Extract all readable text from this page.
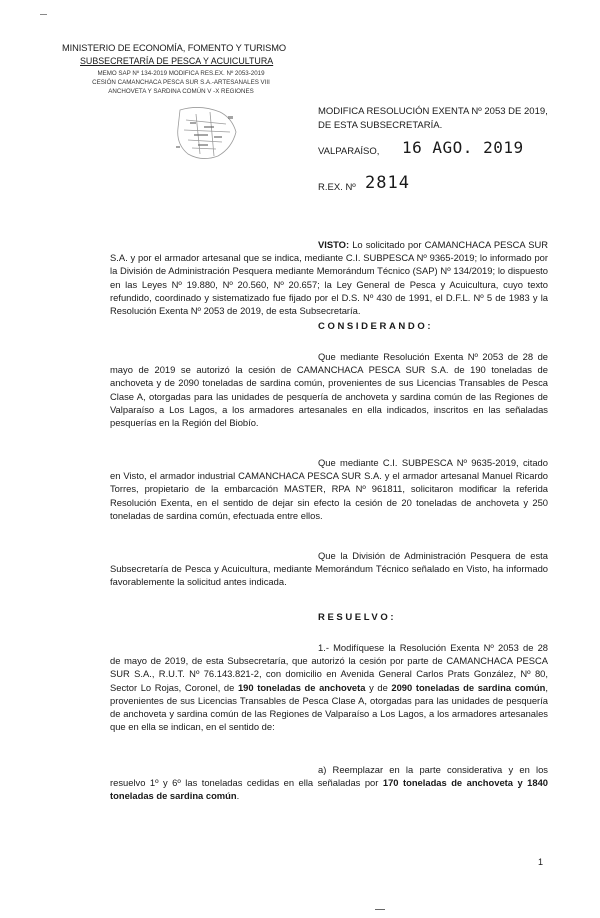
MINISTERIO DE ECONOMÍA, FOMENTO Y TURISMO
SUBSECRETARÍA DE PESCA Y ACUICULTURA
MEMO SAP Nº 134-2019 MODIFICA RES.EX. Nº 2053-2019
CESIÓN CAMANCHACA PESCA SUR S.A.-ARTESANALES VIII
ANCHOVETA Y SARDINA COMÚN V -X REGIONES
MODIFICA RESOLUCIÓN EXENTA Nº 2053 DE 2019, DE ESTA SUBSECRETARÍA.
VALPARAÍSO, 16 AGO. 2019
R.EX. Nº 2814
VISTO: Lo solicitado por CAMANCHACA PESCA SUR S.A. y por el armador artesanal que se indica, mediante C.I. SUBPESCA Nº 9365-2019; lo informado por la División de Administración Pesquera mediante Memorándum Técnico (SAP) Nº 134/2019; lo dispuesto en las Leyes Nº 19.880, Nº 20.560, Nº 20.657; la Ley General de Pesca y Acuicultura, cuyo texto refundido, coordinado y sistematizado fue fijado por el D.S. Nº 430 de 1991, el D.F.L. Nº 5 de 1983 y la Resolución Exenta Nº 2053 de 2019, de esta Subsecretaría.
CONSIDERANDO:
Que mediante Resolución Exenta Nº 2053 de 28 de mayo de 2019 se autorizó la cesión de CAMANCHACA PESCA SUR S.A. de 190 toneladas de anchoveta y de 2090 toneladas de sardina común, provenientes de sus Licencias Transables de Pesca Clase A, otorgadas para las unidades de pesquería de anchoveta y sardina común de las Regiones de Valparaíso a Los Lagos, a los armadores artesanales en ella indicados, inscritos en las señaladas pesquerías en la Región del Biobío.
Que mediante C.I. SUBPESCA Nº 9635-2019, citado en Visto, el armador industrial CAMANCHACA PESCA SUR S.A. y el armador artesanal Manuel Ricardo Torres, propietario de la embarcación MASTER, RPA Nº 961811, solicitaron modificar la referida Resolución Exenta, en el sentido de dejar sin efecto la cesión de 20 toneladas de anchoveta y 250 toneladas de sardina común, efectuada entre ellos.
Que la División de Administración Pesquera de esta Subsecretaría de Pesca y Acuicultura, mediante Memorándum Técnico señalado en Visto, ha informado favorablemente la solicitud antes indicada.
RESUELVO:
1.- Modifíquese la Resolución Exenta Nº 2053 de 28 de mayo de 2019, de esta Subsecretaría, que autorizó la cesión por parte de CAMANCHACA PESCA SUR S.A., R.U.T. Nº 76.143.821-2, con domicilio en Avenida General Carlos Prats González, Nº 80, Sector Lo Rojas, Coronel, de 190 toneladas de anchoveta y de 2090 toneladas de sardina común, provenientes de sus Licencias Transables de Pesca Clase A, otorgadas para las unidades de pesquería de anchoveta y sardina común de las Regiones de Valparaíso a Los Lagos, a los armadores artesanales que en ella se indican, en el sentido de:
a) Reemplazar en la parte considerativa y en los resuelvo 1º y 6º las toneladas cedidas en ella señaladas por 170 toneladas de anchoveta y 1840 toneladas de sardina común.
1
